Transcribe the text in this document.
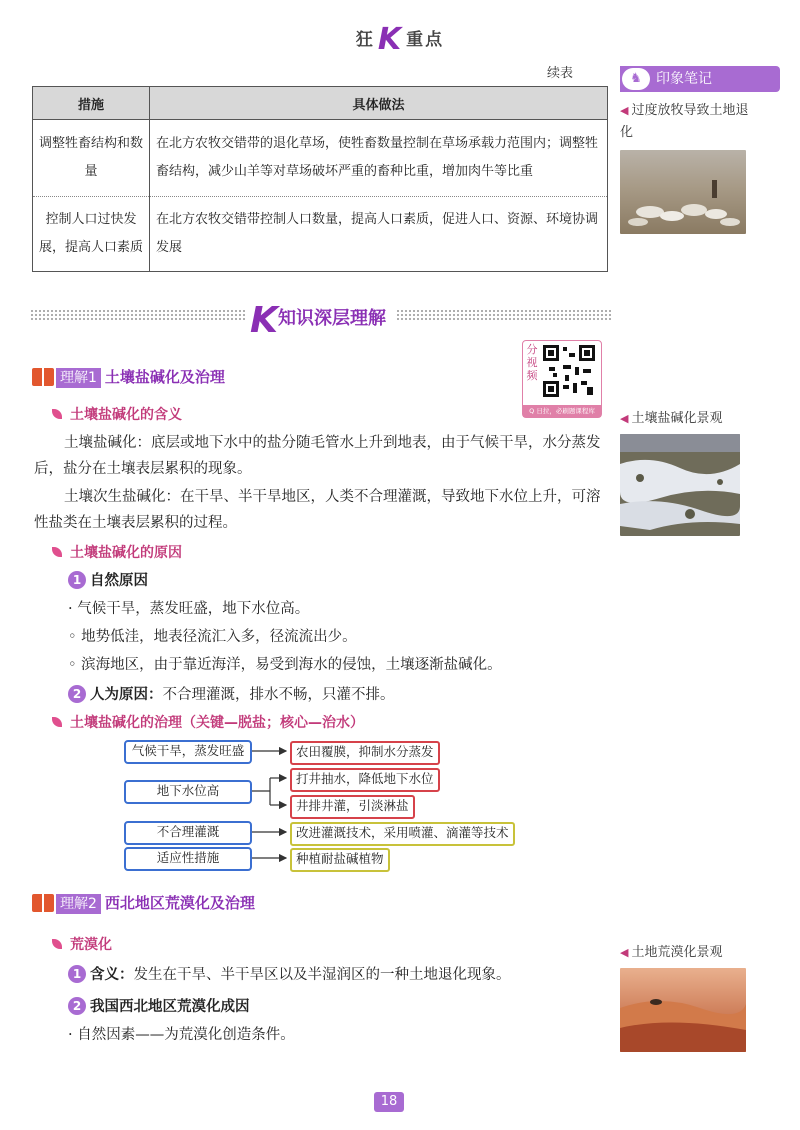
狂 K 重点
续表
措施	具体做法
调整牲畜结构和数量	在北方农牧交错带的退化草场，使牲畜数量控制在草场承载力范围内；调整牲畜结构，减少山羊等对草场破坏严重的畜种比重，增加肉牛等比重
控制人口过快发展，提高人口素质	在北方农牧交错带控制人口数量，提高人口素质，促进人口、资源、环境协调发展
♞ 印象笔记
◀ 过度放牧导致土地退化
◀ 土壤盐碱化景观
◀ 土地荒漠化景观
K知识深层理解
分视频
Q 日拉，必刷题课程库
理解1 土壤盐碱化及治理
土壤盐碱化的含义
土壤盐碱化：底层或地下水中的盐分随毛管水上升到地表，由于气候干旱，水分蒸发后，盐分在土壤表层累积的现象。
土壤次生盐碱化：在干旱、半干旱地区，人类不合理灌溉，导致地下水位上升，可溶性盐类在土壤表层累积的过程。
土壤盐碱化的原因
1 自然原因
· 气候干旱，蒸发旺盛，地下水位高。
◦ 地势低洼，地表径流汇入多，径流流出少。
◦ 滨海地区，由于靠近海洋，易受到海水的侵蚀，土壤逐渐盐碱化。
2 人为原因：不合理灌溉，排水不畅，只灌不排。
土壤盐碱化的治理（关键—脱盐；核心—治水）
气候干旱，蒸发旺盛
地下水位高
不合理灌溉
适应性措施
农田覆膜，抑制水分蒸发
打井抽水，降低地下水位
井排井灌，引淡淋盐
改进灌溉技术，采用喷灌、滴灌等技术
种植耐盐碱植物
理解2 西北地区荒漠化及治理
荒漠化
1 含义：发生在干旱、半干旱区以及半湿润区的一种土地退化现象。
2 我国西北地区荒漠化成因
· 自然因素——为荒漠化创造条件。
18
